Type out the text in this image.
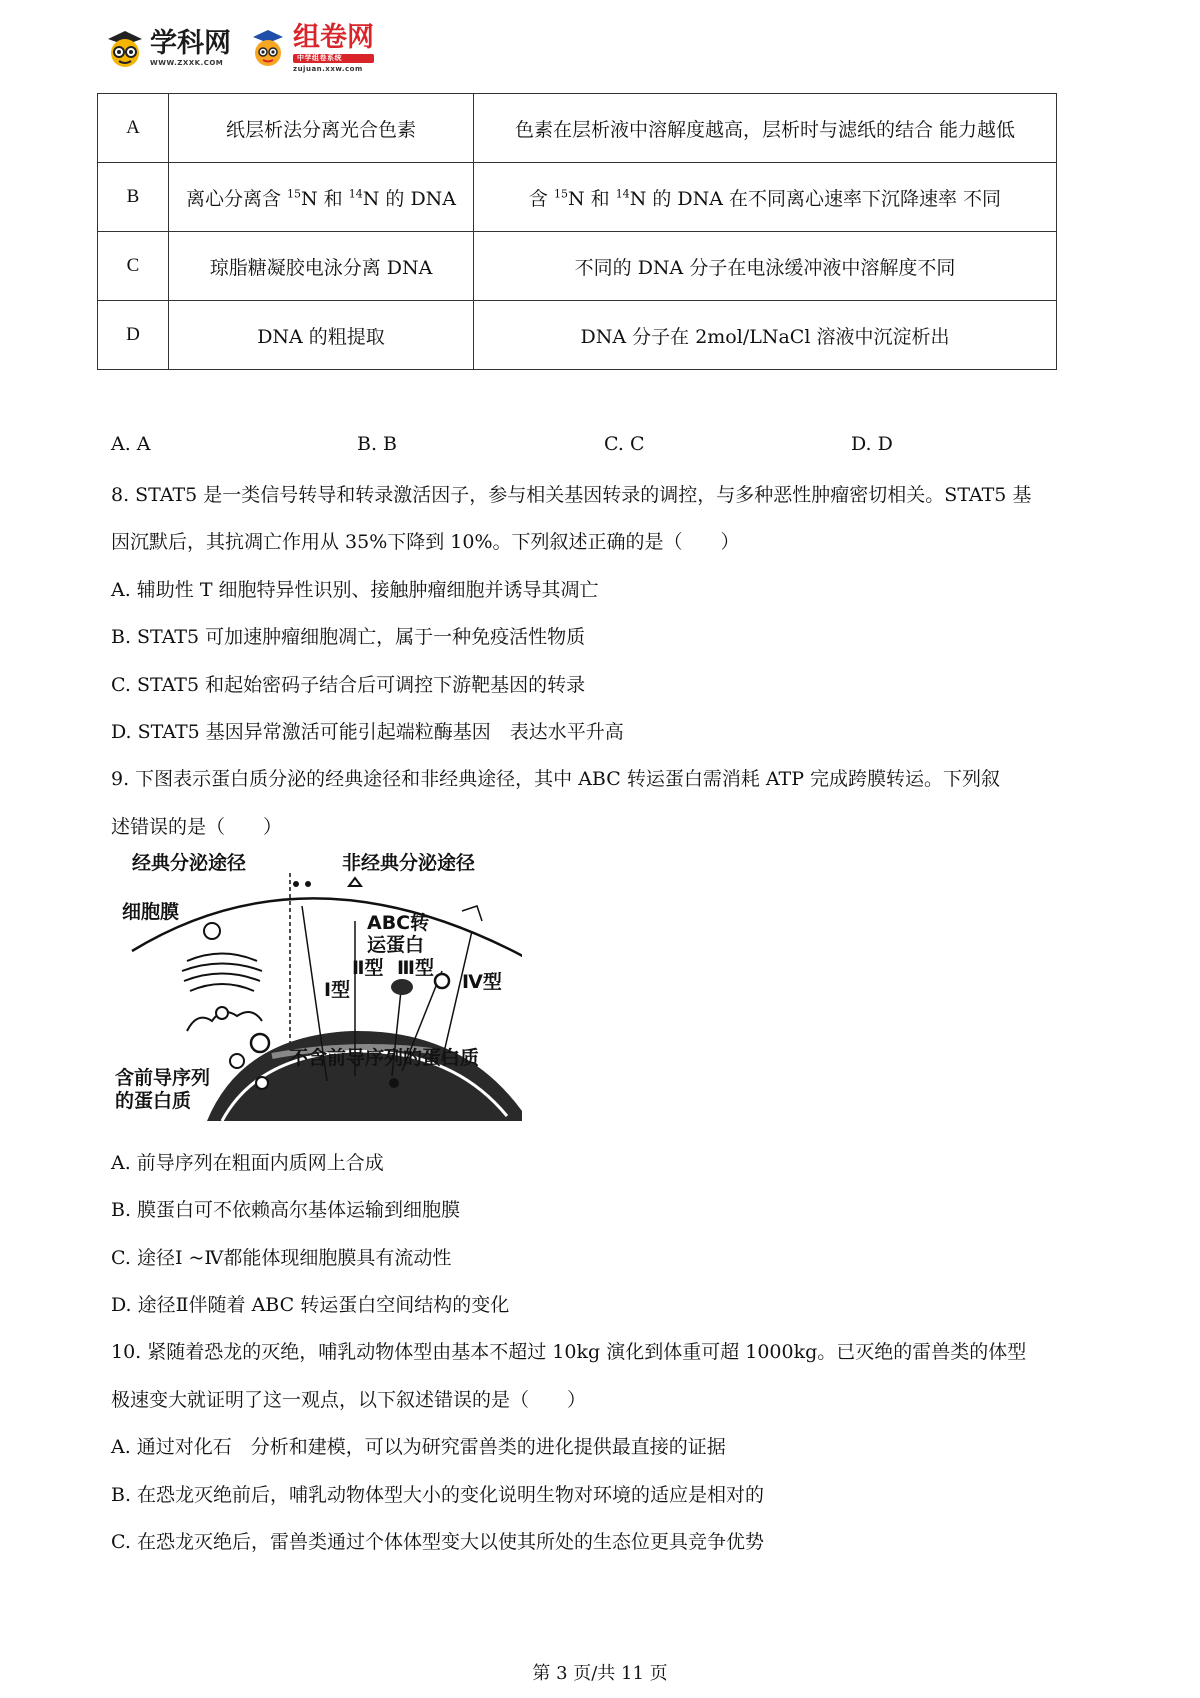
学科网
WWW.ZXXK.COM
组卷网
中学组卷系统
zujuan.xxw.com
A	纸层析法分离光合色素	色素在层析液中溶解度越高，层析时与滤纸的结合 能力越低
B	离心分离含 $^{15}$N 和 $^{14}$N 的 DNA	含 $^{15}$N 和 $^{14}$N 的 DNA 在不同离心速率下沉降速率 不同
C	琼脂糖凝胶电泳分离 DNA	不同的 DNA 分子在电泳缓冲液中溶解度不同
D	DNA 的粗提取	DNA 分子在 2mol/LNaCl 溶液中沉淀析出
A. A	B. B	C. C	D. D
8. STAT5 是一类信号转导和转录激活因子，参与相关基因转录的调控，与多种恶性肿瘤密切相关。STAT5 基
因沉默后，其抗凋亡作用从 35%下降到 10%。下列叙述正确的是（　　）
A. 辅助性 T 细胞特异性识别、接触肿瘤细胞并诱导其凋亡
B. STAT5 可加速肿瘤细胞凋亡，属于一种免疫活性物质
C. STAT5 和起始密码子结合后可调控下游靶基因的转录
D. STAT5 基因异常激活可能引起端粒酶基因　表达水平升高
9. 下图表示蛋白质分泌的经典途径和非经典途径，其中 ABC 转运蛋白需消耗 ATP 完成跨膜转运。下列叙
述错误的是（　　）
经典分泌途径	非经典分泌途径
细胞膜	ABC转
运蛋白
Ⅱ型 Ⅲ型
Ⅳ型
Ⅰ型
不含前导序列的蛋白质
含前导序列
的蛋白质
A. 前导序列在粗面内质网上合成
B. 膜蛋白可不依赖高尔基体运输到细胞膜
C. 途径Ⅰ ~Ⅳ都能体现细胞膜具有流动性
D. 途径Ⅱ伴随着 ABC 转运蛋白空间结构的变化
10. 紧随着恐龙的灭绝，哺乳动物体型由基本不超过 10kg 演化到体重可超 1000kg。已灭绝的雷兽类的体型
极速变大就证明了这一观点，以下叙述错误的是（　　）
A. 通过对化石　分析和建模，可以为研究雷兽类的进化提供最直接的证据
B. 在恐龙灭绝前后，哺乳动物体型大小的变化说明生物对环境的适应是相对的
C. 在恐龙灭绝后，雷兽类通过个体体型变大以使其所处的生态位更具竞争优势
第 3 页/共 11 页
